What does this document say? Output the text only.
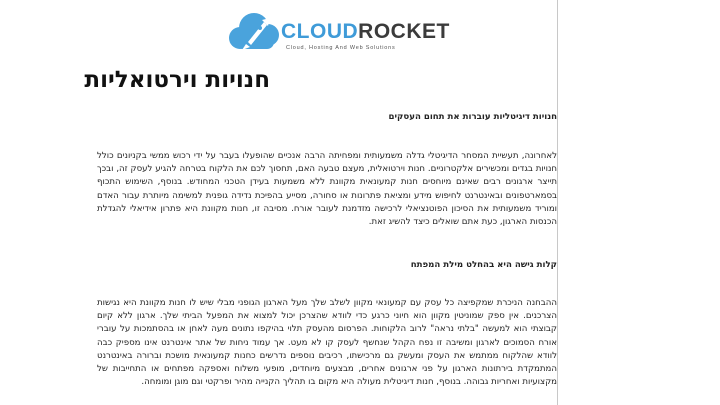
CLOUDROCKET
Cloud, Hosting And Web Solutions
חנויות וירטואליות
חנויות דיגיטליות עוברות את תחום העסקים
לאחרונה, תעשיית המסחר הדיגיטלי גדלה משמעותית ומפחיתה הרבה אנכיים שהופעלו בעבר על ידי רכוש ממשי בקניונים כולל חנויות בגדים ומכשירים אלקטרוניים. חנות וירטואלית, מעצם טבעה האם, תחסוך לכם את הלקוח בטרחה להגיע לעסק זה, ובכך תייצר ארגונים רבים שאינם מיוחסים חנות קמעונאית מקוונת ללא משמעות בעידן הטכני המחודש. בנוסף, השימוש התכוף בסמארטפונים ובאינטרנט לחיפוש מידע ומציאת פתרונות או סחורה, מסייע בהפיכת נדידה גופנית למשימה מיותרת עבור האדם ומוריד משמעותית את הסיכון הפוטנציאלי לרכישה מזדמנת לעובר אורח. מסיבה זו, חנות מקוונת היא פתרון אידיאלי להגדלת הכנסות הארגון, כעת אתם שואלים כיצד להשיג זאת.
קלות גישה היא בהחלט מילת המפתח
ההבחנה הניכרת שמקפיצה כל עסק עם קמעונאי מקוון לשלב שלך מעל הארגון הגופני מבלי שיש לו חנות מקוונת היא נגישות הצרכנים. אין ספק שמוניטין מקוון הוא חיוני כרגע כדי לוודא שהצרכן יכול למצוא את המפעל הביתי שלך. ארגון ללא קיום קבוצתי הוא למעשה "בלתי נראה" לרוב הלקוחות. הפרסום מהעסק תלוי בהיקפו נתונים מעה לאחן או בהסתמכות על עוברי אורח הסמוכים לארגון ומשיבה זו נפח הקהל שנחשף לעסק קו לא מעט. אך עמוד ניחות של אתר אינטרנט אינו מספיק כבה לוודא שהלקוח ממתמש את העסק ומעשק גם מרכישתו, רכיבים נוספים נדרשים כחנות קמעונאית מושכת וברורה באינטרנט המתמקדת בירתונות הארגון על פני ארגונים אחרים, מבצעים מיוחדים, מופעי משלוח ואספקה מפתחים או התחייבות של מקצועיות ואחריות גבוהה. בנוסף, חנות דיגיטלית מעולה היא מקום בו תהליך הקנייה מהיר ופרקטי וגם מוגן ומומחה.
